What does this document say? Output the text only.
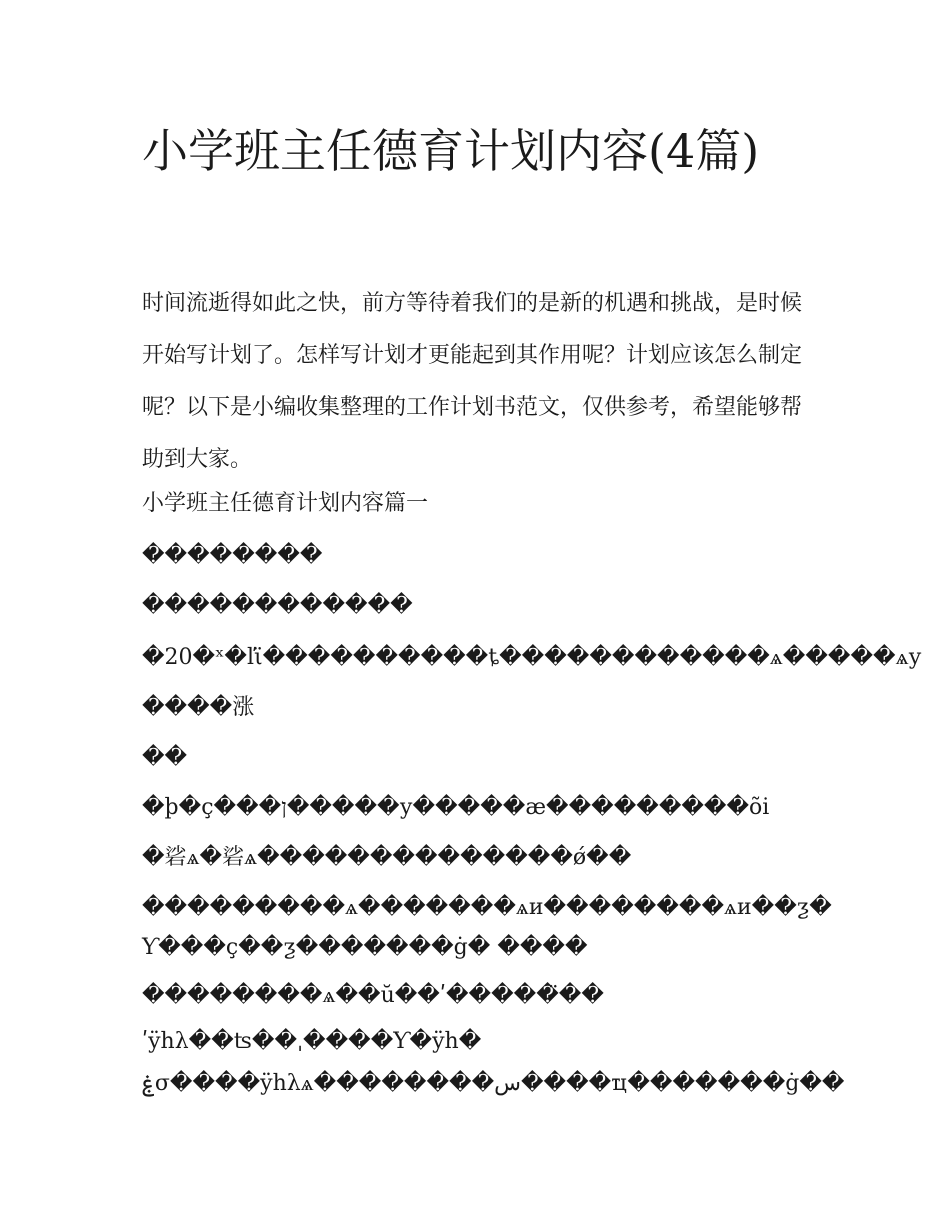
小学班主任德育计划内容(4篇)

时间流逝得如此之快，前方等待着我们的是新的机遇和挑战，是时候开始写计划了。怎样写计划才更能起到其作用呢？计划应该怎么制定呢？以下是小编收集整理的工作计划书范文，仅供参考，希望能够帮助到大家。

小学班主任德育计划内容篇一

��������

������������

�20�ˣ�ľϊ����������ȶ������������ѧ�����ѧу

����涨

��

�þ�ç���ן�����у�����æ���������õi

�硰ѧ�硰ѧ��������������ǿ��

���������ѧ�������ѧи��������ѧи��ƺ�

Ƴ���ç��ƺ�������ġ� ����

��������ѧ��ŭ��ʹ�����̈��

ʹÿhλ��ʦ��ˌ����Ƴ�ÿh�

ۼσ����ÿhλѧ��������س����ҵ�������ġ��
